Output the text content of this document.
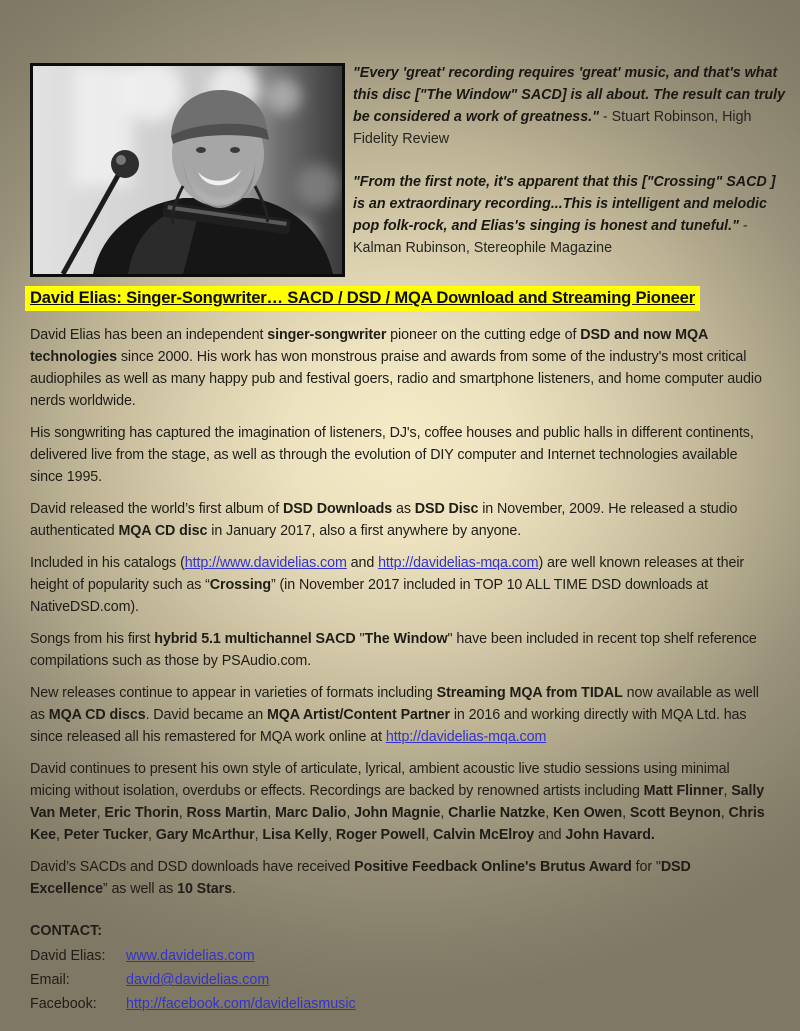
"Every 'great' recording requires 'great' music, and that's what this disc ["The Window" SACD] is all about. The result can truly be considered a work of greatness." - Stuart Robinson, High Fidelity Review

"From the first note, it's apparent that this ["Crossing" SACD ] is an extraordinary recording...This is intelligent and melodic pop folk-rock, and Elias's singing is honest and tuneful." - Kalman Rubinson, Stereophile Magazine

David Elias: Singer-Songwriter… SACD / DSD / MQA Download and Streaming Pioneer

David Elias has been an independent singer-songwriter pioneer on the cutting edge of DSD and now MQA technologies since 2000. His work has won monstrous praise and awards from some of the industry's most critical audiophiles as well as many happy pub and festival goers, radio and smartphone listeners, and home computer audio nerds worldwide.

His songwriting has captured the imagination of listeners, DJ's, coffee houses and public halls in different continents, delivered live from the stage, as well as through the evolution of DIY computer and Internet technologies available since 1995.

David released the world’s first album of DSD Downloads as DSD Disc in November, 2009. He released a studio authenticated MQA CD disc in January 2017, also a first anywhere by anyone.

Included in his catalogs (http://www.davidelias.com and http://davidelias-mqa.com) are well known releases at their height of popularity such as “Crossing” (in November 2017 included in TOP 10 ALL TIME DSD downloads at NativeDSD.com).

Songs from his first hybrid 5.1 multichannel SACD "The Window" have been included in recent top shelf reference compilations such as those by PSAudio.com.

New releases continue to appear in varieties of formats including Streaming MQA from TIDAL now available as well as MQA CD discs. David became an MQA Artist/Content Partner in 2016 and working directly with MQA Ltd. has since released all his remastered for MQA work online at http://davidelias-mqa.com

David continues to present his own style of articulate, lyrical, ambient acoustic live studio sessions using minimal micing without isolation, overdubs or effects. Recordings are backed by renowned artists including Matt Flinner, Sally Van Meter, Eric Thorin, Ross Martin, Marc Dalio, John Magnie, Charlie Natzke, Ken Owen, Scott Beynon, Chris Kee, Peter Tucker, Gary McArthur, Lisa Kelly, Roger Powell, Calvin McElroy and John Havard.

David’s SACDs and DSD downloads have received Positive Feedback Online's Brutus Award for "DSD Excellence” as well as 10 Stars.

CONTACT:
David Elias:	www.davidelias.com
Email:	david@davidelias.com
Facebook:	http://facebook.com/davideliasmusic
